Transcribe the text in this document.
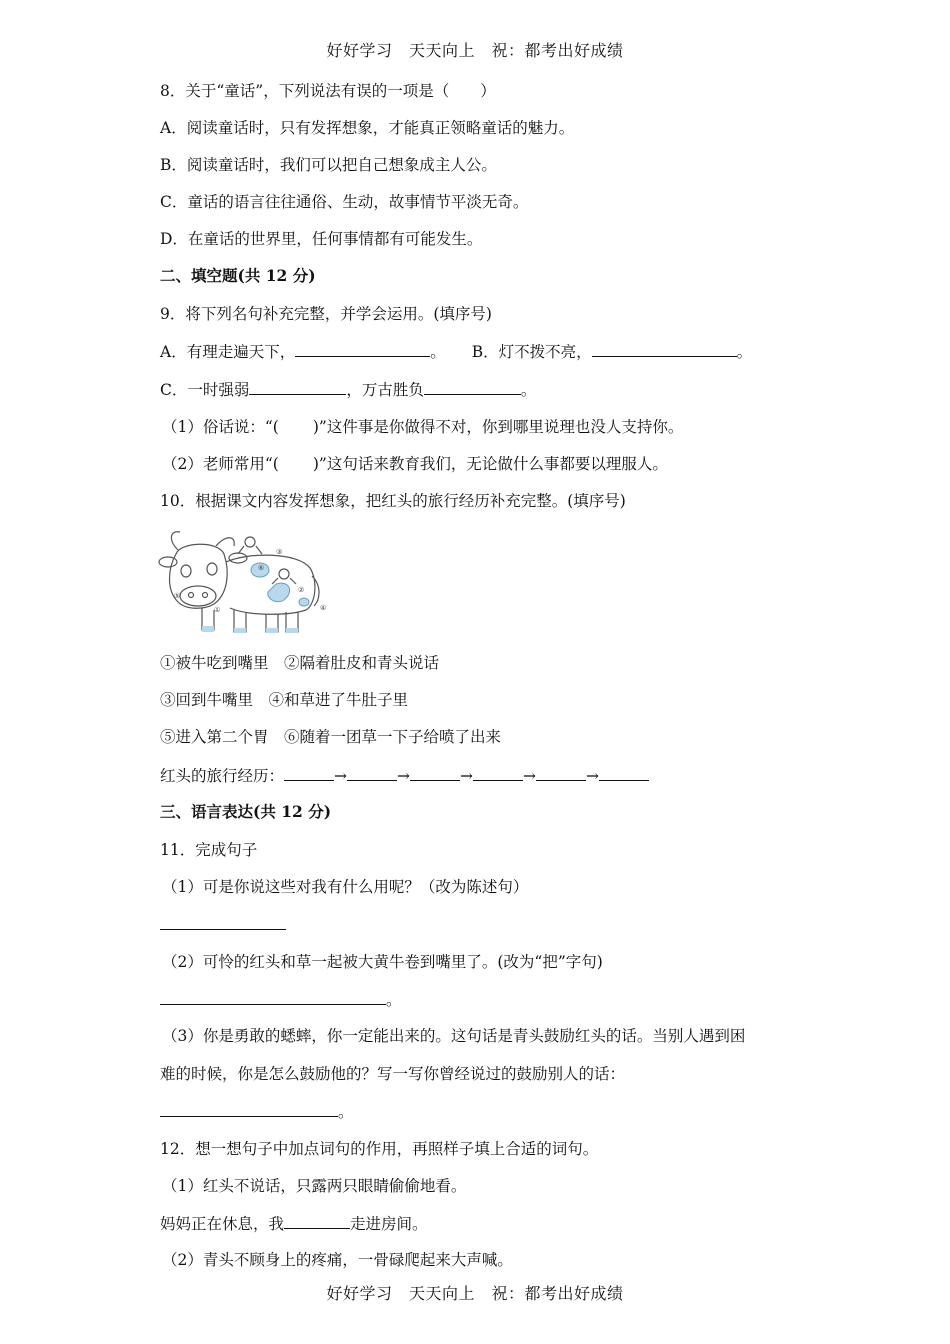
好好学习　天天向上　祝：都考出好成绩
8．关于“童话”，下列说法有误的一项是（　　）
A．阅读童话时，只有发挥想象，才能真正领略童话的魅力。
B．阅读童话时，我们可以把自己想象成主人公。
C．童话的语言往往通俗、生动，故事情节平淡无奇。
D．在童话的世界里，任何事情都有可能发生。
二、填空题(共 12 分)
9．将下列名句补充完整，并学会运用。(填序号)
A．有理走遍天下，	。 B．灯不拨不亮，	。
C．一时强弱	，万古胜负	。
（1）俗话说：“( )”这件事是你做得不对，你到哪里说理也没人支持你。
（2）老师常用“( )”这句话来教育我们，无论做什么事都要以理服人。
10．根据课文内容发挥想象，把红头的旅行经历补充完整。(填序号)
⑤
①
③
⑥
②
④
①被牛吃到嘴里　②隔着肚皮和青头说话
③回到牛嘴里　④和草进了牛肚子里
⑤进入第二个胃　⑥随着一团草一下子给喷了出来
红头的旅行经历：	→	→	→	→	→
三、语言表达(共 12 分)
11．完成句子
（1）可是你说这些对我有什么用呢？（改为陈述句）
（2）可怜的红头和草一起被大黄牛卷到嘴里了。(改为“把”字句)
。
（3）你是勇敢的蟋蟀，你一定能出来的。这句话是青头鼓励红头的话。当别人遇到困
难的时候，你是怎么鼓励他的？写一写你曾经说过的鼓励别人的话：
。
12．想一想句子中加点词句的作用，再照样子填上合适的词句。
（1）红头不说话，只露两只眼睛偷偷地看。
妈妈正在休息，我	走进房间。
（2）青头不顾身上的疼痛，一骨碌爬起来大声喊。
好好学习　天天向上　祝：都考出好成绩
